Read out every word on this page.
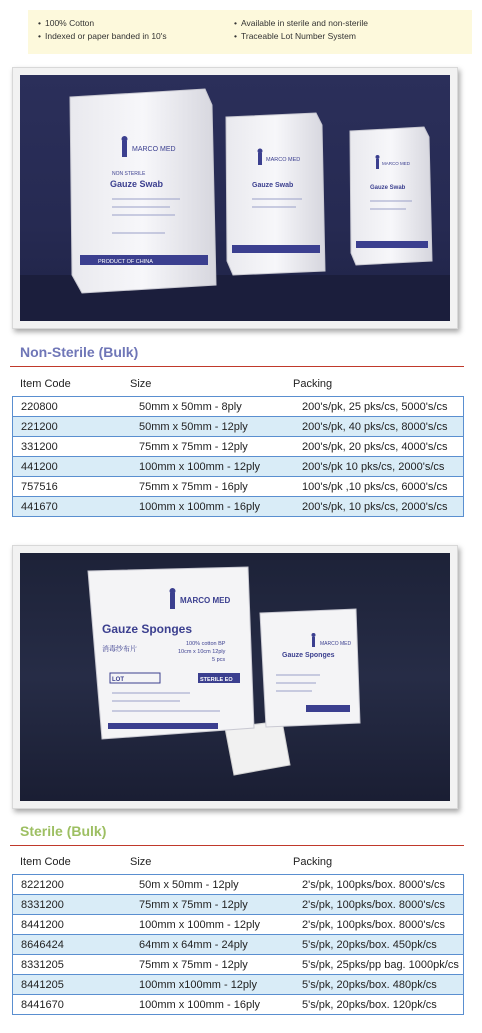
• 100% Cotton
• Indexed or paper banded in 10's
• Available in sterile and non-sterile
• Traceable Lot Number System
MARCO MED
Gauze Swab
NON STERILE
PRODUCT OF CHINA
MARCO MED
Gauze Swab
MARCO MED
Gauze Swab
Non-Sterile (Bulk)
Item Code	Size	Packing
220800	50mm x 50mm - 8ply	200's/pk, 25 pks/cs, 5000's/cs
221200	50mm x 50mm - 12ply	200's/pk, 40 pks/cs, 8000's/cs
331200	75mm x 75mm - 12ply	200's/pk, 20 pks/cs, 4000's/cs
441200	100mm x 100mm - 12ply	200's/pk 10 pks/cs, 2000's/cs
757516	75mm x 75mm - 16ply	100's/pk ,10 pks/cs, 6000's/cs
441670	100mm x 100mm - 16ply	200's/pk, 10 pks/cs, 2000's/cs
MARCO MED
Gauze Sponges
消毒纱布片
100% cotton BP
10cm x 10cm 12ply
5 pcs
LOT	STERILE EO
Gauze Sponges
MARCO MED
Sterile (Bulk)
Item Code	Size	Packing
8221200	50m x 50mm - 12ply	2's/pk, 100pks/box. 8000's/cs
8331200	75mm x 75mm - 12ply	2's/pk, 100pks/box. 8000's/cs
8441200	100mm x 100mm - 12ply	2's/pk, 100pks/box. 8000's/cs
8646424	64mm x 64mm - 24ply	5's/pk, 20pks/box. 450pk/cs
8331205	75mm x 75mm - 12ply	5's/pk, 25pks/pp bag. 1000pk/cs
8441205	100mm x100mm - 12ply	5's/pk, 20pks/box. 480pk/cs
8441670	100mm x 100mm - 16ply	5's/pk, 20pks/box. 120pk/cs
